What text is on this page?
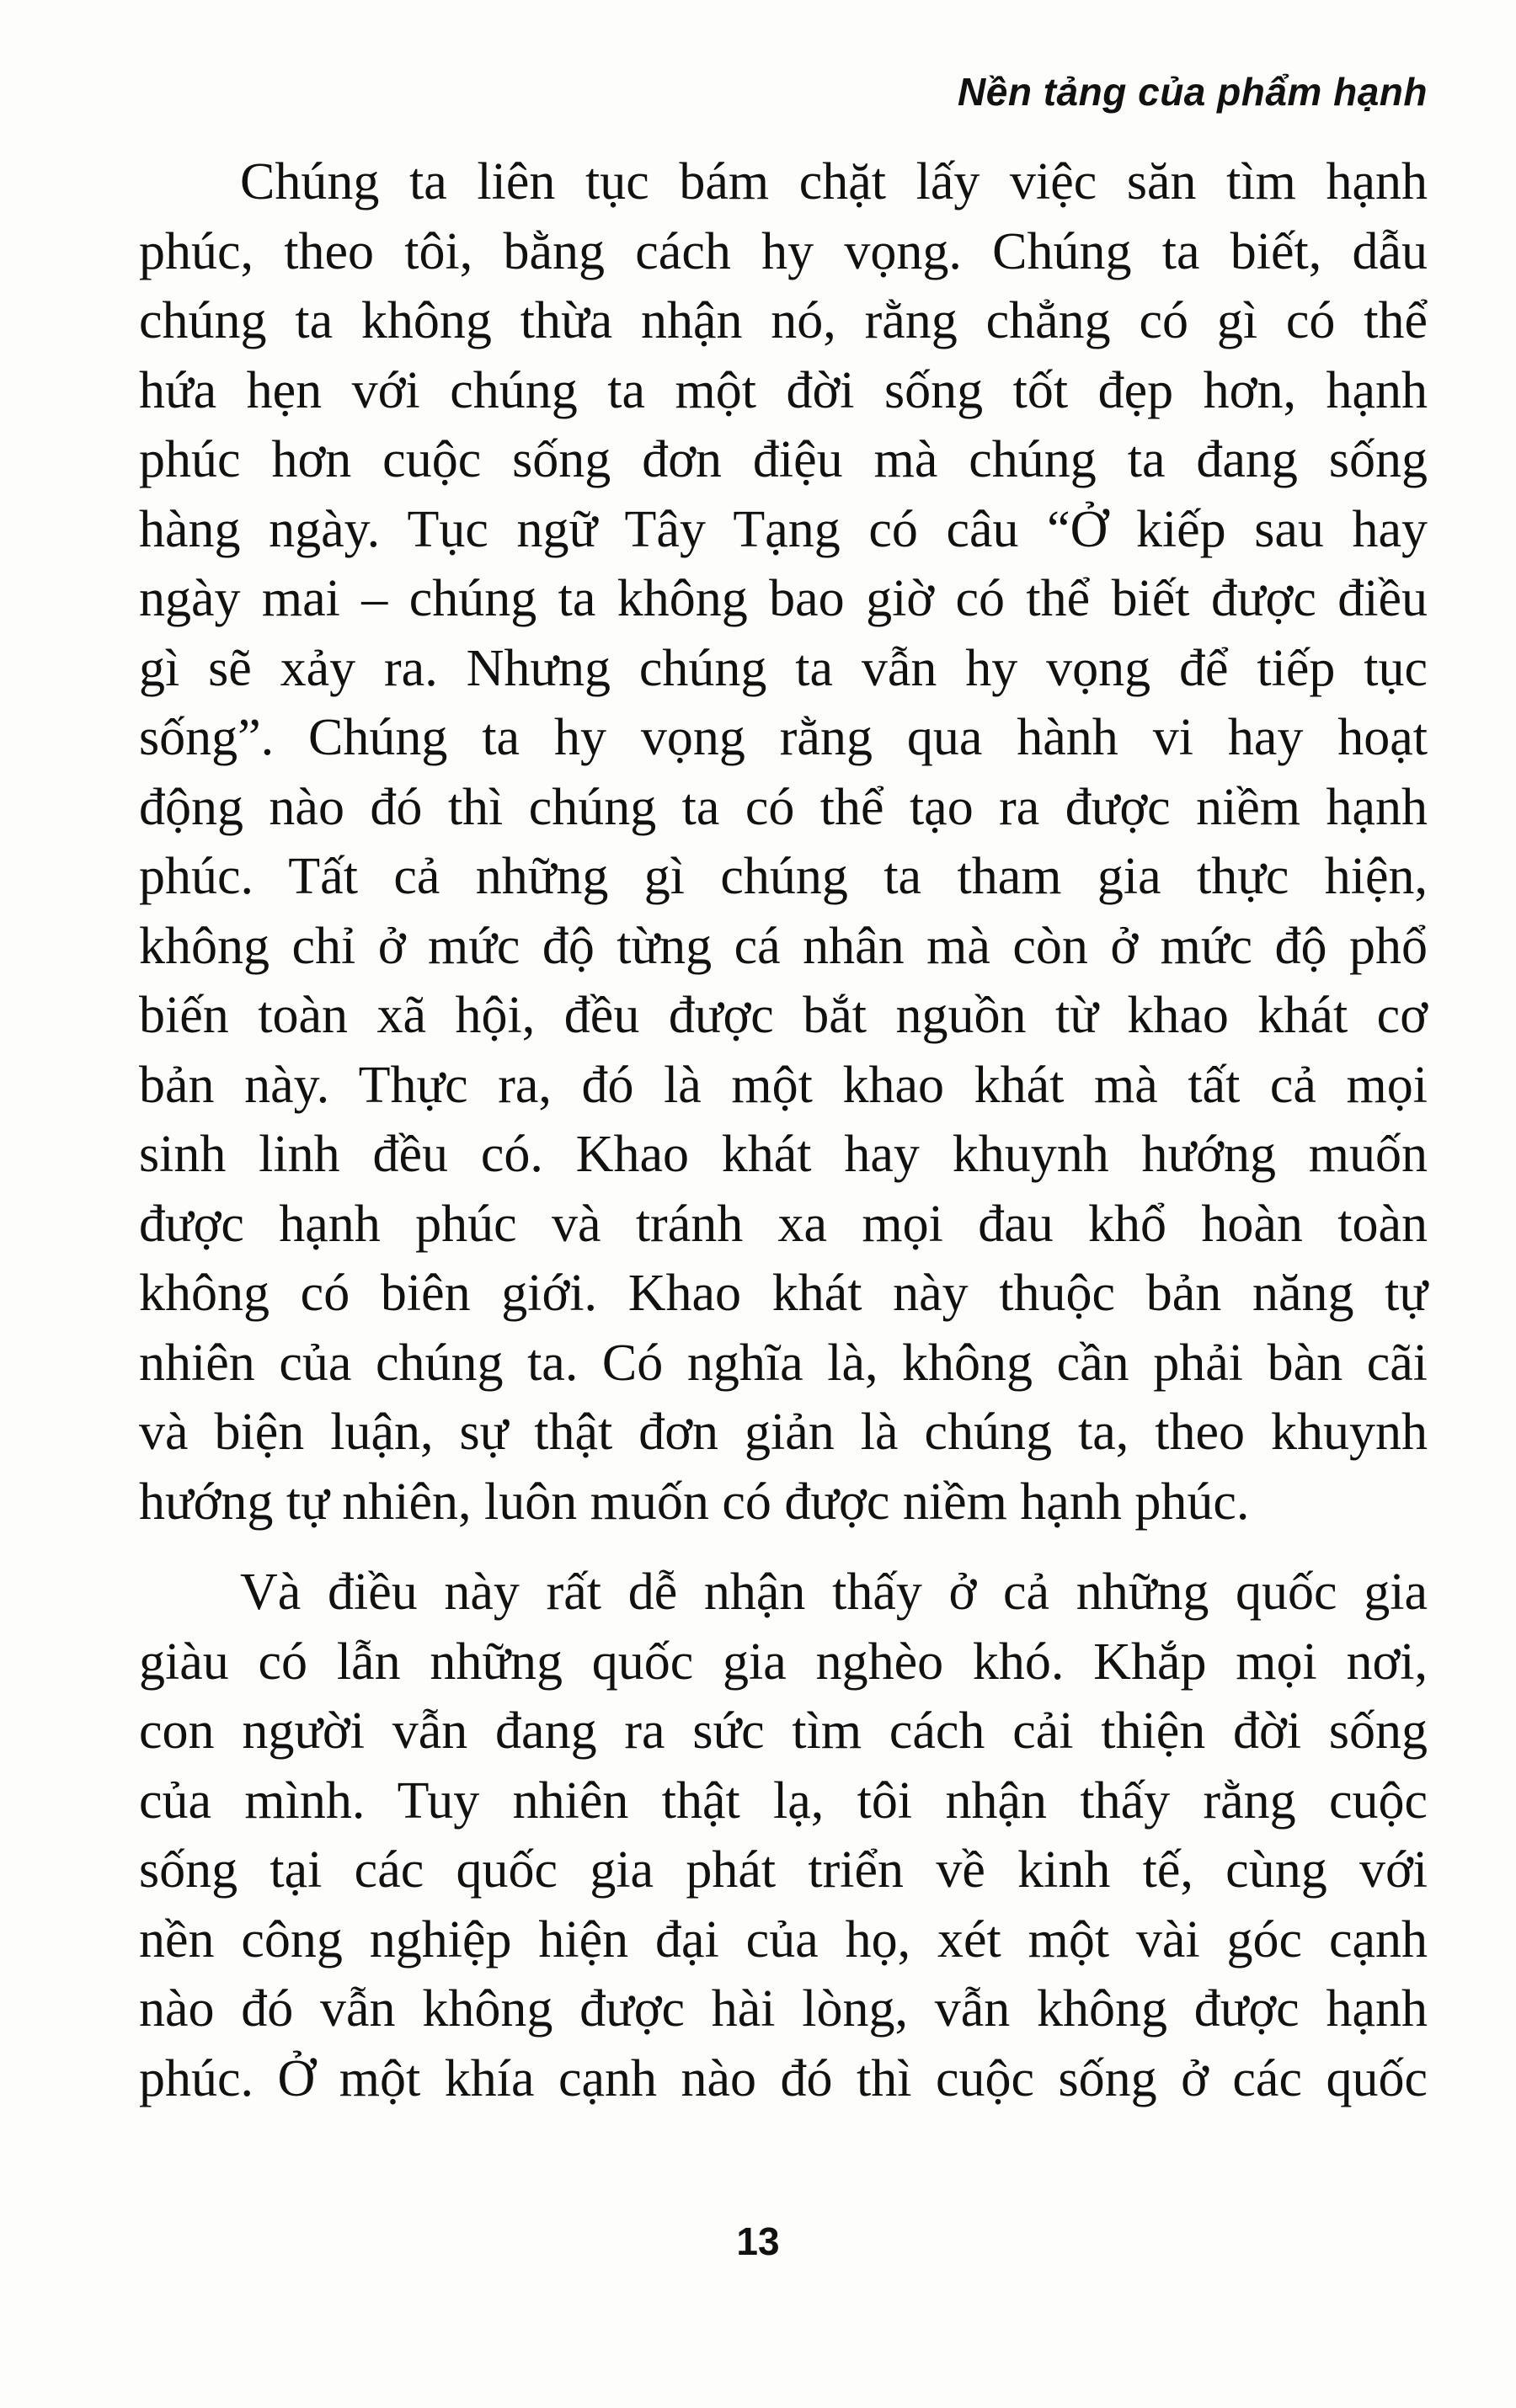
Nền tảng của phẩm hạnh

Chúng ta liên tục bám chặt lấy việc săn tìm hạnh
phúc, theo tôi, bằng cách hy vọng. Chúng ta biết, dẫu
chúng ta không thừa nhận nó, rằng chẳng có gì có thể
hứa hẹn với chúng ta một đời sống tốt đẹp hơn, hạnh
phúc hơn cuộc sống đơn điệu mà chúng ta đang sống
hàng ngày. Tục ngữ Tây Tạng có câu “Ở kiếp sau hay
ngày mai – chúng ta không bao giờ có thể biết được điều
gì sẽ xảy ra. Nhưng chúng ta vẫn hy vọng để tiếp tục
sống”. Chúng ta hy vọng rằng qua hành vi hay hoạt
động nào đó thì chúng ta có thể tạo ra được niềm hạnh
phúc. Tất cả những gì chúng ta tham gia thực hiện,
không chỉ ở mức độ từng cá nhân mà còn ở mức độ phổ
biến toàn xã hội, đều được bắt nguồn từ khao khát cơ
bản này. Thực ra, đó là một khao khát mà tất cả mọi
sinh linh đều có. Khao khát hay khuynh hướng muốn
được hạnh phúc và tránh xa mọi đau khổ hoàn toàn
không có biên giới. Khao khát này thuộc bản năng tự
nhiên của chúng ta. Có nghĩa là, không cần phải bàn cãi
và biện luận, sự thật đơn giản là chúng ta, theo khuynh
hướng tự nhiên, luôn muốn có được niềm hạnh phúc.

Và điều này rất dễ nhận thấy ở cả những quốc gia
giàu có lẫn những quốc gia nghèo khó. Khắp mọi nơi,
con người vẫn đang ra sức tìm cách cải thiện đời sống
của mình. Tuy nhiên thật lạ, tôi nhận thấy rằng cuộc
sống tại các quốc gia phát triển về kinh tế, cùng với
nền công nghiệp hiện đại của họ, xét một vài góc cạnh
nào đó vẫn không được hài lòng, vẫn không được hạnh
phúc. Ở một khía cạnh nào đó thì cuộc sống ở các quốc

13
